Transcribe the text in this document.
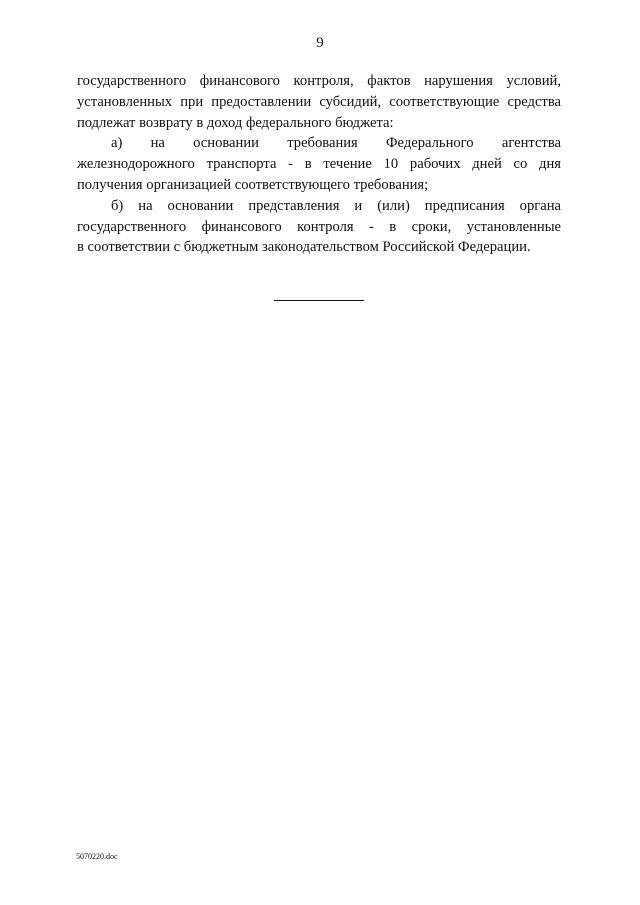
9
государственного финансового контроля, фактов нарушения условий,
установленных при предоставлении субсидий, соответствующие средства
подлежат возврату в доход федерального бюджета:
а) на основании требования Федерального агентства
железнодорожного транспорта - в течение 10 рабочих дней со дня
получения организацией соответствующего требования;
б) на основании представления и (или) предписания органа
государственного финансового контроля - в сроки, установленные
в соответствии с бюджетным законодательством Российской Федерации.
5070220.doc
